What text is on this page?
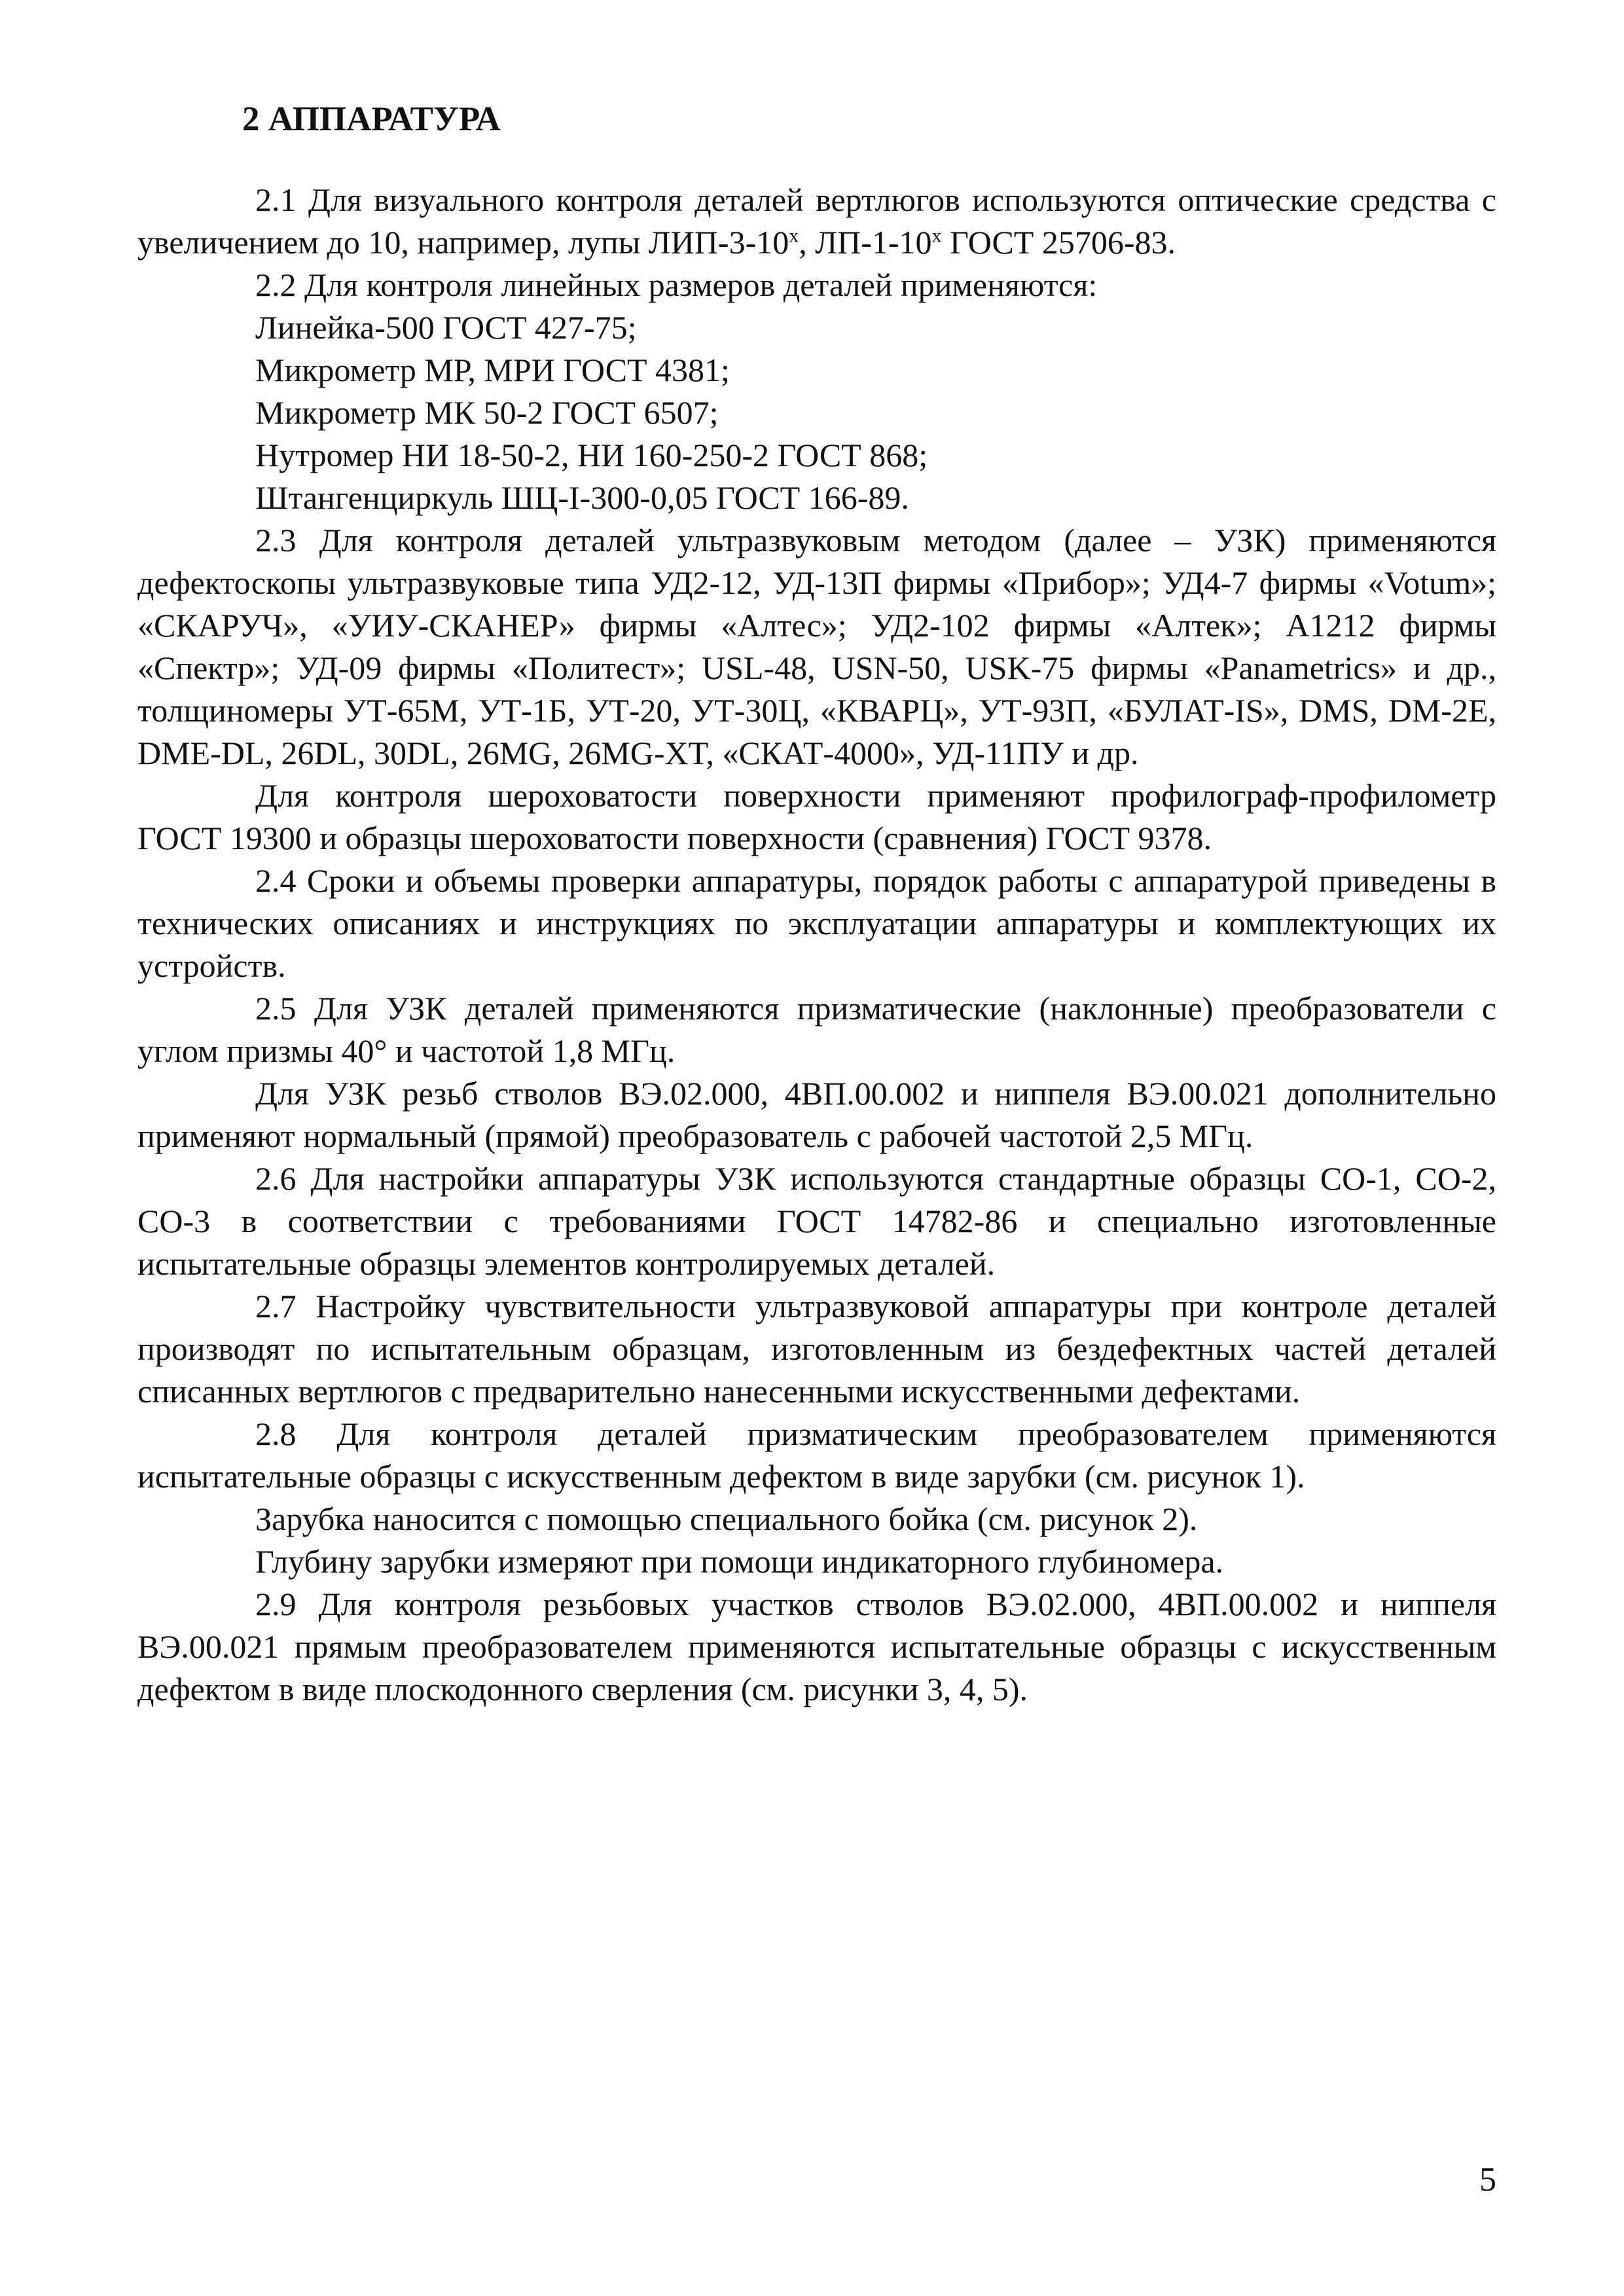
2 АППАРАТУРА

2.1 Для визуального контроля деталей вертлюгов используются оптические средства с увеличением до 10, например, лупы ЛИП-$3-10^х$, $ЛП-1-10^х$ ГОСТ 25706-83.

2.2 Для контроля линейных размеров деталей применяются:

Линейка-500 ГОСТ 427-75;
Микрометр МР, МРИ ГОСТ 4381;
Микрометр МК 50-2 ГОСТ 6507;
Нутромер НИ 18-50-2, НИ 160-250-2 ГОСТ 868;
Штангенциркуль ШЦ-I-300-0,05 ГОСТ 166-89.

2.3 Для контроля деталей ультразвуковым методом (далее – УЗК) применяются дефектоскопы ультразвуковые типа УД2-12, УД-13П фирмы «Прибор»; УД4-7 фирмы «Votum»; «СКАРУЧ», «УИУ-СКАНЕР» фирмы «Алтес»; УД2-102 фирмы «Алтек»; А1212 фирмы «Спектр»; УД-09 фирмы «Политест»; USL-48, USN-50, USK-75 фирмы «Panametrics» и др., толщиномеры УТ-65М, УТ-1Б, УТ-20, УТ-30Ц, «КВАРЦ», УТ-93П, «БУЛАТ-IS», DMS, DM-2E, DME-DL, 26DL, 30DL, 26MG, 26MG-XT, «СКАТ-4000», УД-11ПУ и др.

Для контроля шероховатости поверхности применяют профилограф-профилометр ГОСТ 19300 и образцы шероховатости поверхности (сравнения) ГОСТ 9378.

2.4 Сроки и объемы проверки аппаратуры, порядок работы с аппаратурой приведены в технических описаниях и инструкциях по эксплуатации аппаратуры и комплектующих их устройств.

2.5 Для УЗК деталей применяются призматические (наклонные) преобразователи с углом призмы 40° и частотой 1,8 МГц.

Для УЗК резьб стволов ВЭ.02.000, 4ВП.00.002 и ниппеля ВЭ.00.021 дополнительно применяют нормальный (прямой) преобразователь с рабочей частотой 2,5 МГц.

2.6 Для настройки аппаратуры УЗК используются стандартные образцы СО-1, СО-2, СО-3 в соответствии с требованиями ГОСТ 14782-86 и специально изготовленные испытательные образцы элементов контролируемых деталей.

2.7 Настройку чувствительности ультразвуковой аппаратуры при контроле деталей производят по испытательным образцам, изготовленным из бездефектных частей деталей списанных вертлюгов с предварительно нанесенными искусственными дефектами.

2.8 Для контроля деталей призматическим преобразователем применяются испытательные образцы с искусственным дефектом в виде зарубки (см. рисунок 1).

Зарубка наносится с помощью специального бойка (см. рисунок 2).

Глубину зарубки измеряют при помощи индикаторного глубиномера.

2.9 Для контроля резьбовых участков стволов ВЭ.02.000, 4ВП.00.002 и ниппеля ВЭ.00.021 прямым преобразователем применяются испытательные образцы с искусственным дефектом в виде плоскодонного сверления (см. рисунки 3, 4, 5).

5
